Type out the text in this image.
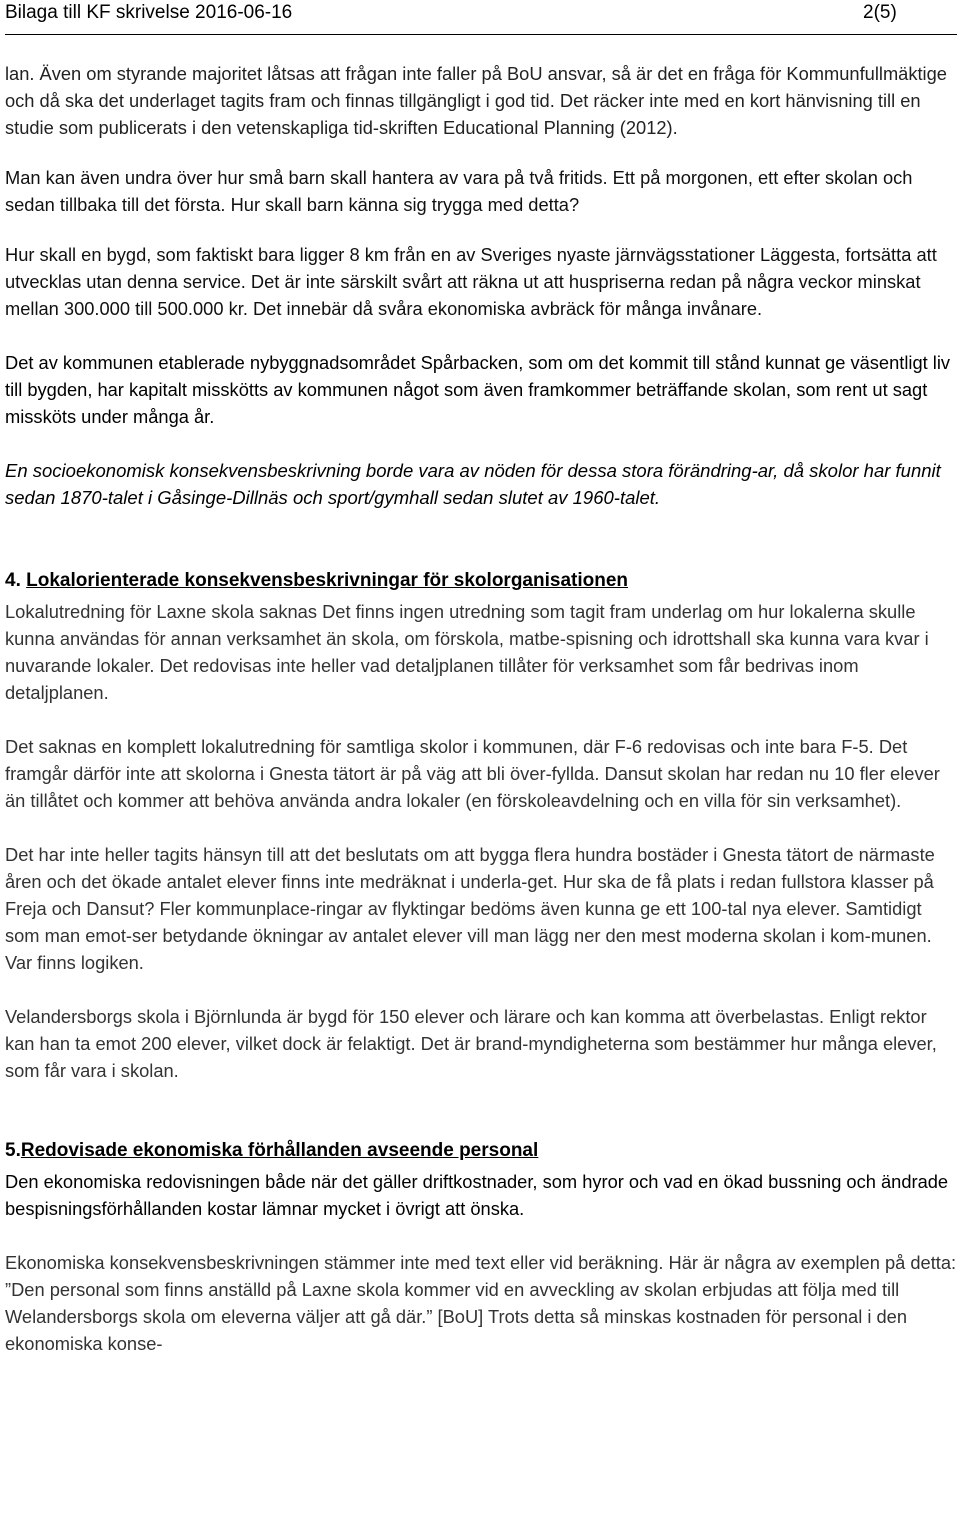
Bilaga till KF skrivelse 2016-06-16	2(5)

lan. Även om styrande majoritet låtsas att frågan inte faller på BoU ansvar, så är det en fråga för Kommunfullmäktige och då ska det underlaget tagits fram och finnas tillgängligt i god tid. Det räcker inte med en kort hänvisning till en studie som publicerats i den vetenskapliga tid-skriften Educational Planning (2012).

Man kan även undra över hur små barn skall hantera av vara på två fritids. Ett på morgonen, ett efter skolan och sedan tillbaka till det första. Hur skall barn känna sig trygga med detta?

Hur skall en bygd, som faktiskt bara ligger 8 km från en av Sveriges nyaste järnvägsstationer Läggesta, fortsätta att utvecklas utan denna service. Det är inte särskilt svårt att räkna ut att huspriserna redan på några veckor minskat mellan 300.000 till 500.000 kr. Det innebär då svåra ekonomiska avbräck för många invånare.

Det av kommunen etablerade nybyggnadsområdet Spårbacken, som om det kommit till stånd kunnat ge väsentligt liv till bygden, har kapitalt misskötts av kommunen något som även framkommer beträffande skolan, som rent ut sagt missköts under många år.

En socioekonomisk konsekvensbeskrivning borde vara av nöden för dessa stora förändring-ar, då skolor har funnit sedan 1870-talet i Gåsinge-Dillnäs och sport/gymhall sedan slutet av 1960-talet.

4. Lokalorienterade konsekvensbeskrivningar för skolorganisationen

Lokalutredning för Laxne skola saknas Det finns ingen utredning som tagit fram underlag om hur lokalerna skulle kunna användas för annan verksamhet än skola, om förskola, matbe-spisning och idrottshall ska kunna vara kvar i nuvarande lokaler. Det redovisas inte heller vad detaljplanen tillåter för verksamhet som får bedrivas inom detaljplanen.

Det saknas en komplett lokalutredning för samtliga skolor i kommunen, där F-6 redovisas och inte bara F-5. Det framgår därför inte att skolorna i Gnesta tätort är på väg att bli över-fyllda. Dansut skolan har redan nu 10 fler elever än tillåtet och kommer att behöva använda andra lokaler (en förskoleavdelning och en villa för sin verksamhet).

Det har inte heller tagits hänsyn till att det beslutats om att bygga flera hundra bostäder i Gnesta tätort de närmaste åren och det ökade antalet elever finns inte medräknat i underla-get. Hur ska de få plats i redan fullstora klasser på Freja och Dansut? Fler kommunplace-ringar av flyktingar bedöms även kunna ge ett 100-tal nya elever. Samtidigt som man emot-ser betydande ökningar av antalet elever vill man lägg ner den mest moderna skolan i kom-munen. Var finns logiken.

Velandersborgs skola i Björnlunda är bygd för 150 elever och lärare och kan komma att överbelastas. Enligt rektor kan han ta emot 200 elever, vilket dock är felaktigt. Det är brand-myndigheterna som bestämmer hur många elever, som får vara i skolan.

5.Redovisade ekonomiska förhållanden avseende personal

Den ekonomiska redovisningen både när det gäller driftkostnader, som hyror och vad en ökad bussning och ändrade bespisningsförhållanden kostar lämnar mycket i övrigt att önska.

Ekonomiska konsekvensbeskrivningen stämmer inte med text eller vid beräkning. Här är några av exemplen på detta: ”Den personal som finns anställd på Laxne skola kommer vid en avveckling av skolan erbjudas att följa med till Welandersborgs skola om eleverna väljer att gå där.” [BoU] Trots detta så minskas kostnaden för personal i den ekonomiska konse-
